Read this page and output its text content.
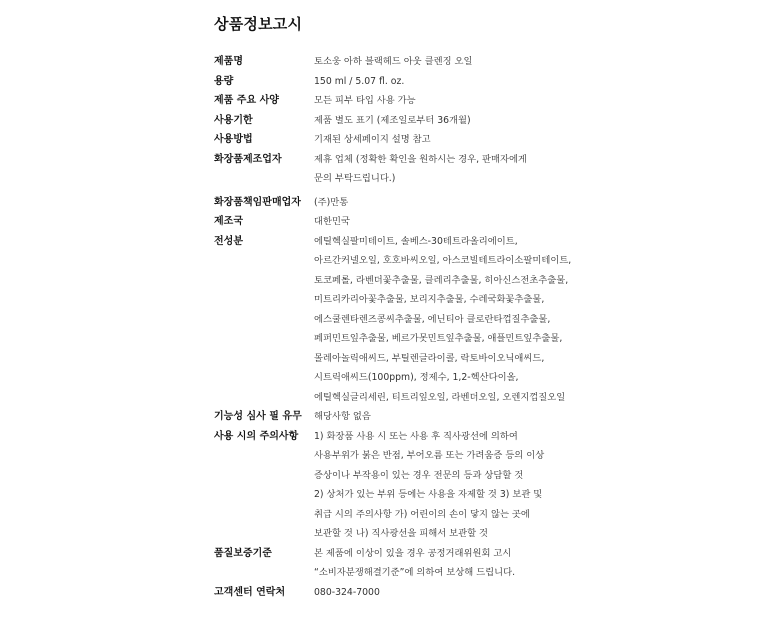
상품정보고시
제품명	토소웅 아하 블랙헤드 아웃 클렌징 오일
용량	150 ml / 5.07 fl. oz.
제품 주요 사양	모든 피부 타입 사용 가능
사용기한	제품 별도 표기 (제조일로부터 36개월)
사용방법	기재된 상세페이지 설명 참고
화장품제조업자	제휴 업체 (정확한 확인을 원하시는 경우, 판매자에게
문의 부탁드립니다.)
화장품책임판매업자	(주)만통
제조국	대한민국
전성분	에틸헥실팔미테이트, 솔베스-30테트라올리에이트,
아르간커넬오일, 호호바씨오일, 아스코빌테트라이소팔미테이트,
토코페롤, 라벤더꽃추출물, 클레리추출물, 히아신스전초추출물,
미트리카리아꽃추출물, 보리지추출물, 수레국화꽃추출물,
에스쿨렌타렌즈콩씨추출물, 에닌티아 클로란타껍질추출물,
페퍼민트잎추출물, 베르가못민트잎추출물, 애플민트잎추출물,
몰레아놀릭애씨드, 부틸렌글라이콜, 락토바이오닉애씨드,
시트릭애씨드(100ppm), 정제수, 1,2-헥산다이올,
에틸헥실글리세린, 티트리잎오일, 라벤더오일, 오렌지껍질오일
기능성 심사 필 유무	해당사항 없음
사용 시의 주의사항	1) 화장품 사용 시 또는 사용 후 직사광선에 의하여
사용부위가 붉은 반점, 부어오름 또는 가려움증 등의 이상
증상이나 부작용이 있는 경우 전문의 등과 상담할 것
2) 상처가 있는 부위 등에는 사용을 자제할 것 3) 보관 및
취급 시의 주의사항 가) 어린이의 손이 닿지 않는 곳에
보관할 것 나) 직사광선을 피해서 보관할 것
품질보증기준	본 제품에 이상이 있을 경우 공정거래위원회 고시
“소비자분쟁해결기준”에 의하여 보상해 드립니다.
고객센터 연락처	080-324-7000
